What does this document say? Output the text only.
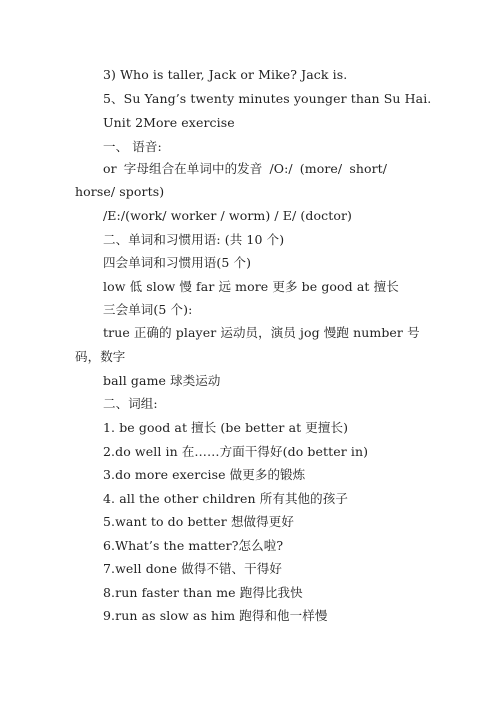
3) Who is taller, Jack or Mike? Jack is.
5、Su Yang’s twenty minutes younger than Su Hai.
Unit 2More exercise
一、 语音:
or 字母组合在单词中的发音 /O:/ (more/ short/
horse/ sports)
/E:/(work/ worker / worm) / E/ (doctor)
二、单词和习惯用语: (共 10 个)
四会单词和习惯用语(5 个)
low 低 slow 慢 far 远 more 更多 be good at 擅长
三会单词(5 个):
true 正确的 player 运动员，演员 jog 慢跑 number 号
码，数字
ball game 球类运动
二、词组:
1. be good at 擅长 (be better at 更擅长)
2.do well in 在……方面干得好(do better in)
3.do more exercise 做更多的锻炼
4. all the other children 所有其他的孩子
5.want to do better 想做得更好
6.What’s the matter?怎么啦?
7.well done 做得不错、干得好
8.run faster than me 跑得比我快
9.run as slow as him 跑得和他一样慢
